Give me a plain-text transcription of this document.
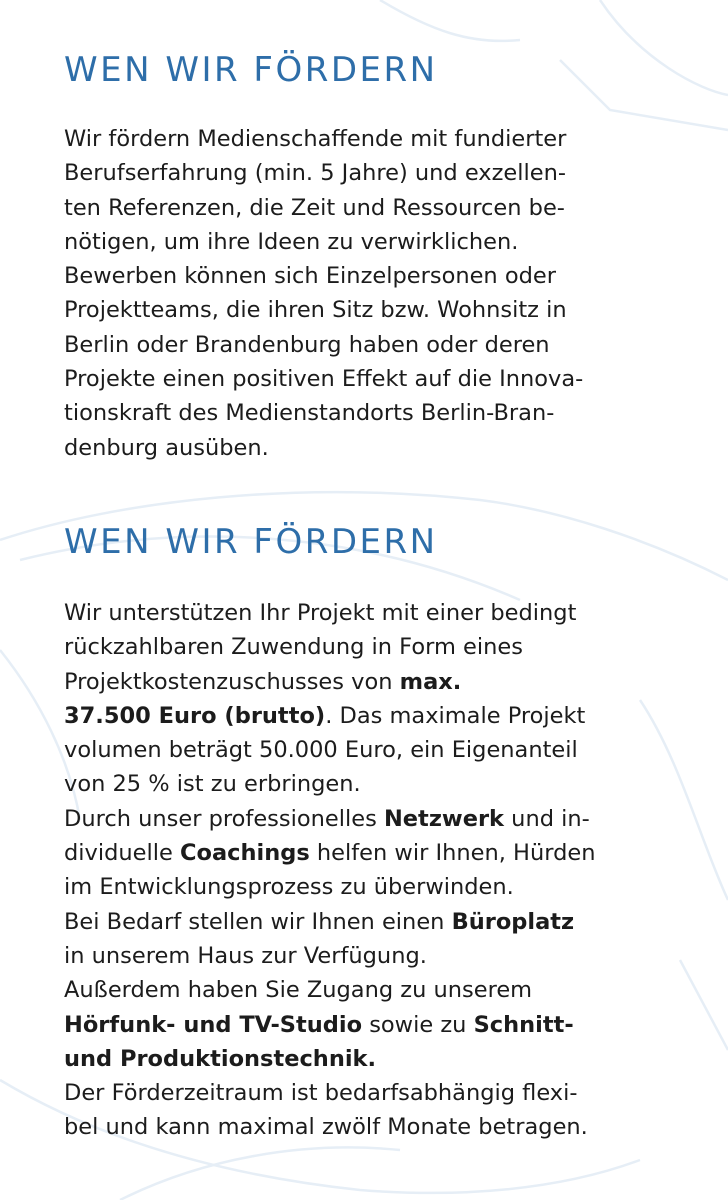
WEN WIR FÖRDERN
Wir fördern Medienschaffende mit fundierter
Berufserfahrung (min. 5 Jahre) und exzellen-
ten Referenzen, die Zeit und Ressourcen be-
nötigen, um ihre Ideen zu verwirklichen.
Bewerben können sich Einzelpersonen oder
Projektteams, die ihren Sitz bzw. Wohnsitz in
Berlin oder Brandenburg haben oder deren
Projekte einen positiven Effekt auf die Innova-
tionskraft des Medienstandorts Berlin-Bran-
denburg ausüben.
WEN WIR FÖRDERN
Wir unterstützen Ihr Projekt mit einer bedingt
rückzahlbaren Zuwendung in Form eines
Projektkostenzuschusses von max.
37.500 Euro (brutto). Das maximale Projekt
volumen beträgt 50.000 Euro, ein Eigenanteil
von 25 % ist zu erbringen.
Durch unser professionelles Netzwerk und in-
dividuelle Coachings helfen wir Ihnen, Hürden
im Entwicklungsprozess zu überwinden.
Bei Bedarf stellen wir Ihnen einen Büroplatz
in unserem Haus zur Verfügung.
Außerdem haben Sie Zugang zu unserem
Hörfunk- und TV-Studio sowie zu Schnitt-
und Produktionstechnik.
Der Förderzeitraum ist bedarfsabhängig flexi-
bel und kann maximal zwölf Monate betragen.
